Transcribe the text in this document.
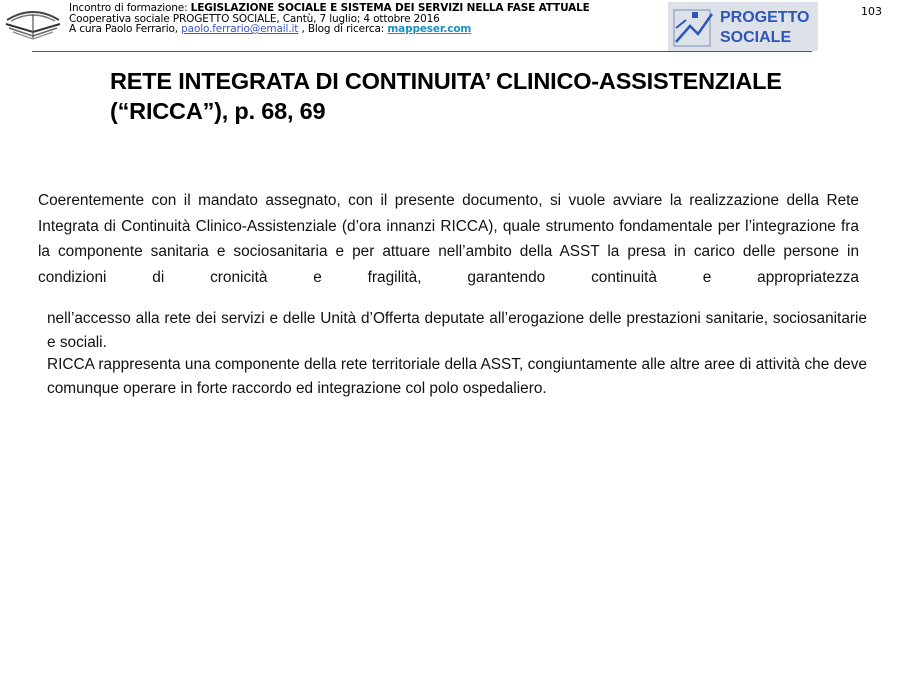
Incontro di formazione: LEGISLAZIONE SOCIALE E SISTEMA DEI SERVIZI NELLA FASE ATTUALE
Cooperativa sociale PROGETTO SOCIALE, Cantù, 7 luglio; 4 ottobre 2016
A cura Paolo Ferrario, paolo.ferrario@email.it , Blog di ricerca: mappeser.com
PROGETTO
SOCIALE
103
RETE INTEGRATA DI CONTINUITA’ CLINICO-ASSISTENZIALE
(“RICCA”), p. 68, 69

Coerentemente con il mandato assegnato, con il presente documento, si vuole avviare la realizzazione della Rete Integrata di Continuità Clinico-Assistenziale (d’ora innanzi RICCA), quale strumento fondamentale per l’integrazione fra la componente sanitaria e sociosanitaria e per attuare nell’ambito della ASST la presa in carico delle persone in condizioni di cronicità e fragilità, garantendo continuità e appropriatezza

nell’accesso alla rete dei servizi e delle Unità d’Offerta deputate all’erogazione delle prestazioni sanitarie, sociosanitarie e sociali.

RICCA rappresenta una componente della rete territoriale della ASST, congiuntamente alle altre aree di attività che deve comunque operare in forte raccordo ed integrazione col polo ospedaliero.
